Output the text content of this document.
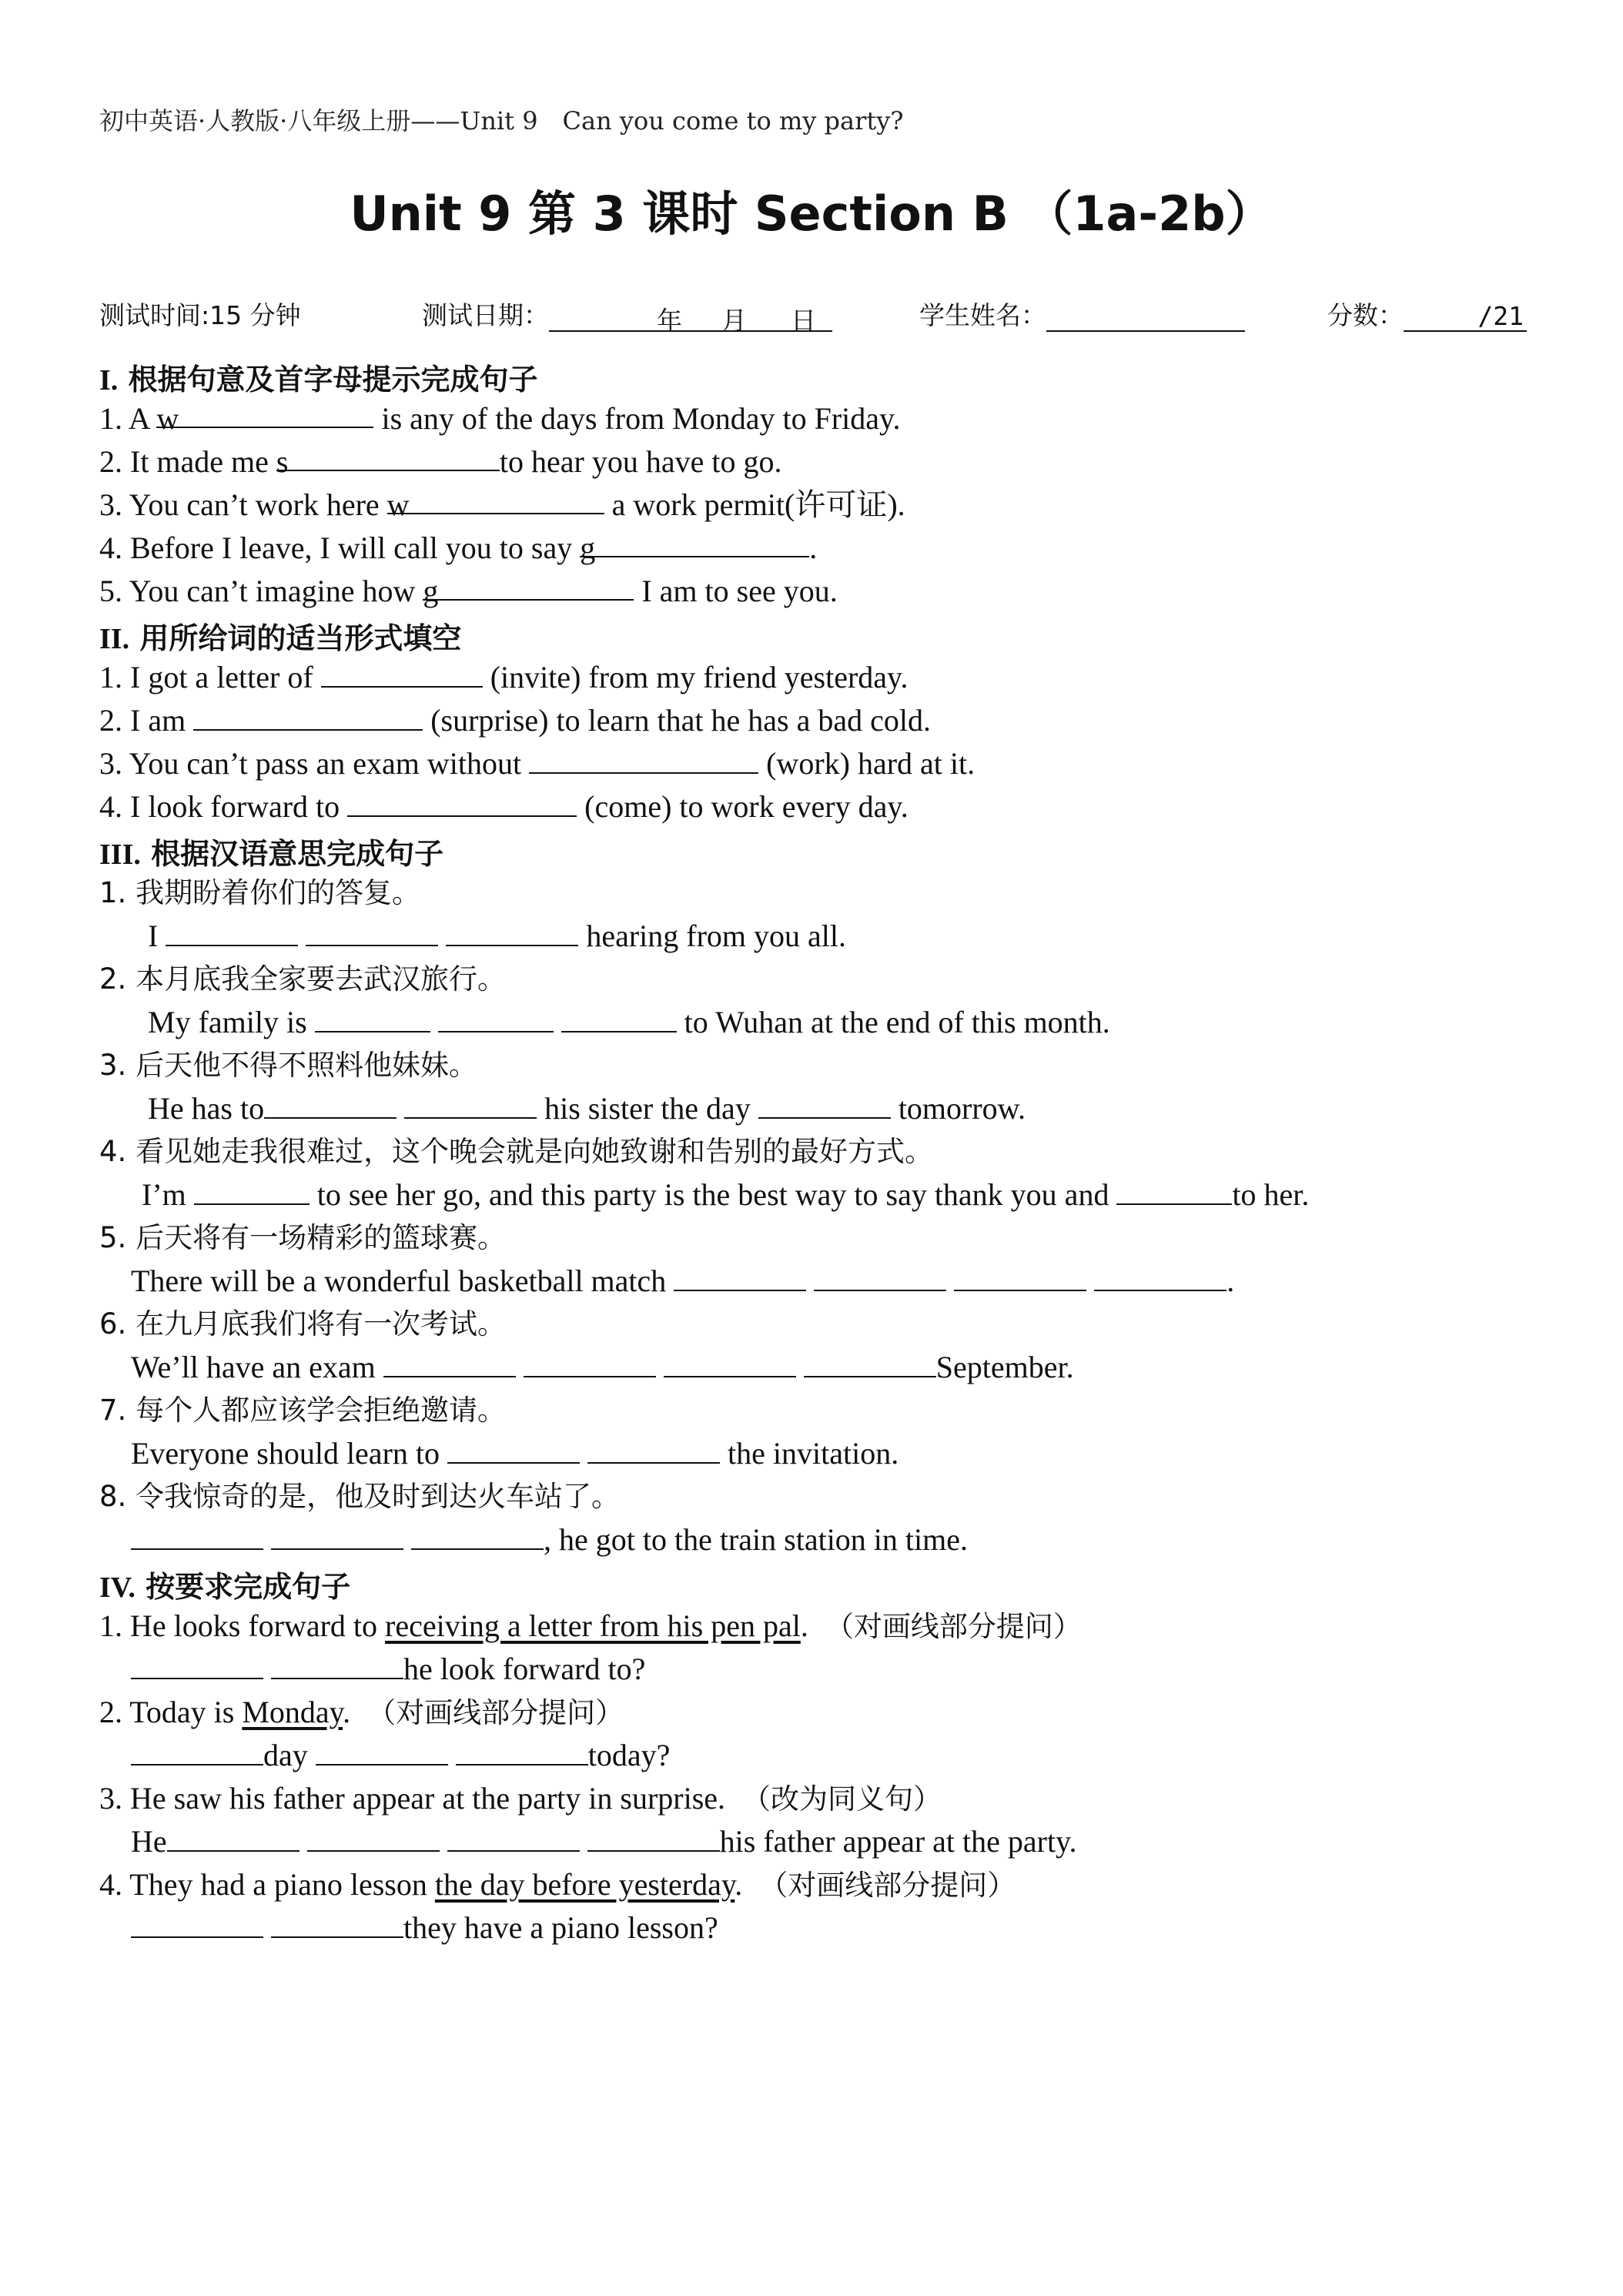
初中英语·人教版·八年级上册——Unit 9　Can you come to my party?
Unit 9 第 3 课时 Section B （1a-2b）
测试时间:15 分钟	测试日期：	年 月 日	学生姓名：	分数：	/21
I. 根据句意及首字母提示完成句子
1. A w	is any of the days from Monday to Friday.
2. It made me s	to hear you have to go.
3. You can’t work here w	a work permit(许可证).
4. Before I leave, I will call you to say g	.
5. You can’t imagine how g	I am to see you.
II. 用所给词的适当形式填空
1. I got a letter of	(invite) from my friend yesterday.
2. I am	(surprise) to learn that he has a bad cold.
3. You can’t pass an exam without	(work) hard at it.
4. I look forward to	(come) to work every day.
III. 根据汉语意思完成句子
1. 我期盼着你们的答复。
I	hearing from you all.
2. 本月底我全家要去武汉旅行。
My family is	to Wuhan at the end of this month.
3. 后天他不得不照料他妹妹。
He has to	his sister the day	tomorrow.
4. 看见她走我很难过，这个晚会就是向她致谢和告别的最好方式。
I’m	to see her go, and this party is the best way to say thank you and	to her.
5. 后天将有一场精彩的篮球赛。
There will be a wonderful basketball match	.
6. 在九月底我们将有一次考试。
We’ll have an exam	September.
7. 每个人都应该学会拒绝邀请。
Everyone should learn to	the invitation.
8. 令我惊奇的是，他及时到达火车站了。
, he got to the train station in time.
IV. 按要求完成句子
1. He looks forward to receiving a letter from his pen pal. （对画线部分提问）
he look forward to?
2. Today is Monday. （对画线部分提问）
day	today?
3. He saw his father appear at the party in surprise. （改为同义句）
He	his father appear at the party.
4. They had a piano lesson the day before yesterday. （对画线部分提问）
they have a piano lesson?
